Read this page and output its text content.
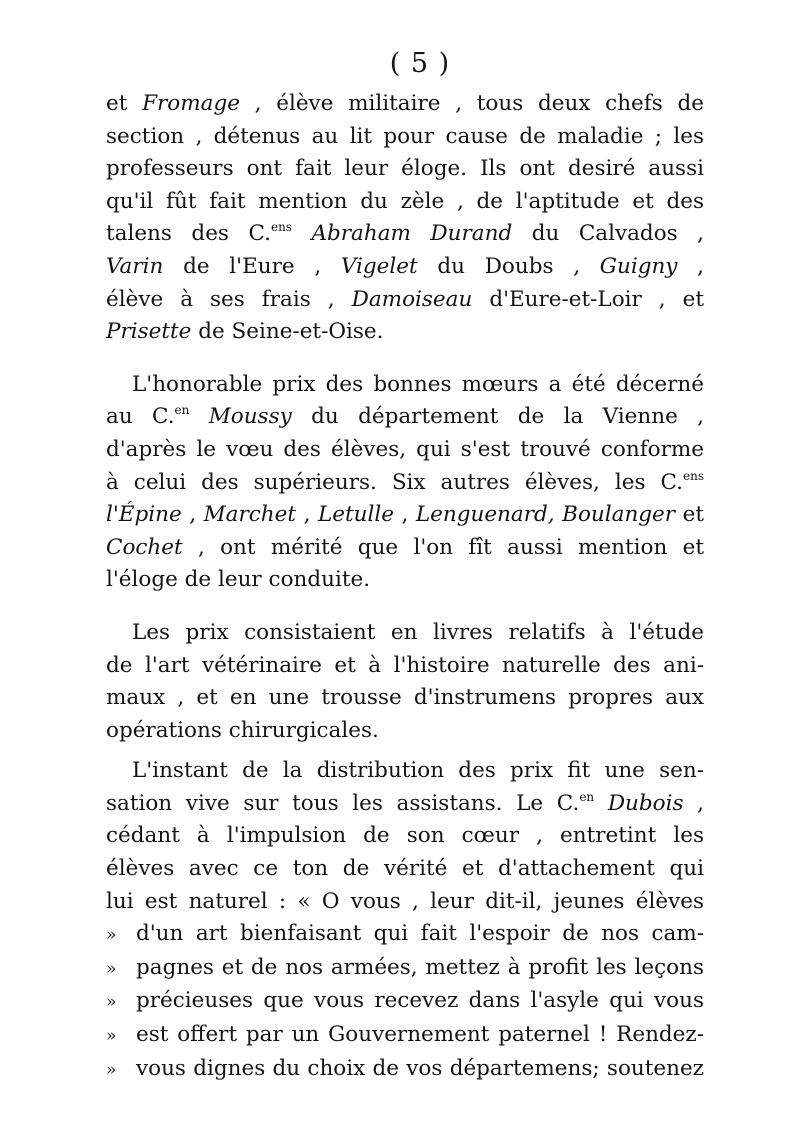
( 5 )
et Fromage , élève militaire , tous deux chefs de
section , détenus au lit pour cause de maladie ; les
professeurs ont fait leur éloge. Ils ont desiré aussi
qu'il fût fait mention du zèle , de l'aptitude et des
talens des C.$^{ens}$ Abraham Durand du Calvados ,
Varin de l'Eure , Vigelet du Doubs , Guigny ,
élève à ses frais , Damoiseau d'Eure-et-Loir , et
Prisette de Seine-et-Oise.
L'honorable prix des bonnes mœurs a été décerné
au C.$^{en}$ Moussy du département de la Vienne ,
d'après le vœu des élèves, qui s'est trouvé conforme
à celui des supérieurs. Six autres élèves, les C.$^{ens}$
l'Épine , Marchet , Letulle , Lenguenard, Boulanger et
Cochet , ont mérité que l'on fît aussi mention et
l'éloge de leur conduite.
Les prix consistaient en livres relatifs à l'étude
de l'art vétérinaire et à l'histoire naturelle des ani-
maux , et en une trousse d'instrumens propres aux
opérations chirurgicales.
L'instant de la distribution des prix fit une sen-
sation vive sur tous les assistans. Le C.$^{en}$ Dubois ,
cédant à l'impulsion de son cœur , entretint les
élèves avec ce ton de vérité et d'attachement qui
lui est naturel : « O vous , leur dit-il, jeunes élèves
» d'un art bienfaisant qui fait l'espoir de nos cam-
» pagnes et de nos armées, mettez à profit les leçons
» précieuses que vous recevez dans l'asyle qui vous
» est offert par un Gouvernement paternel ! Rendez-
» vous dignes du choix de vos départemens; soutenez
